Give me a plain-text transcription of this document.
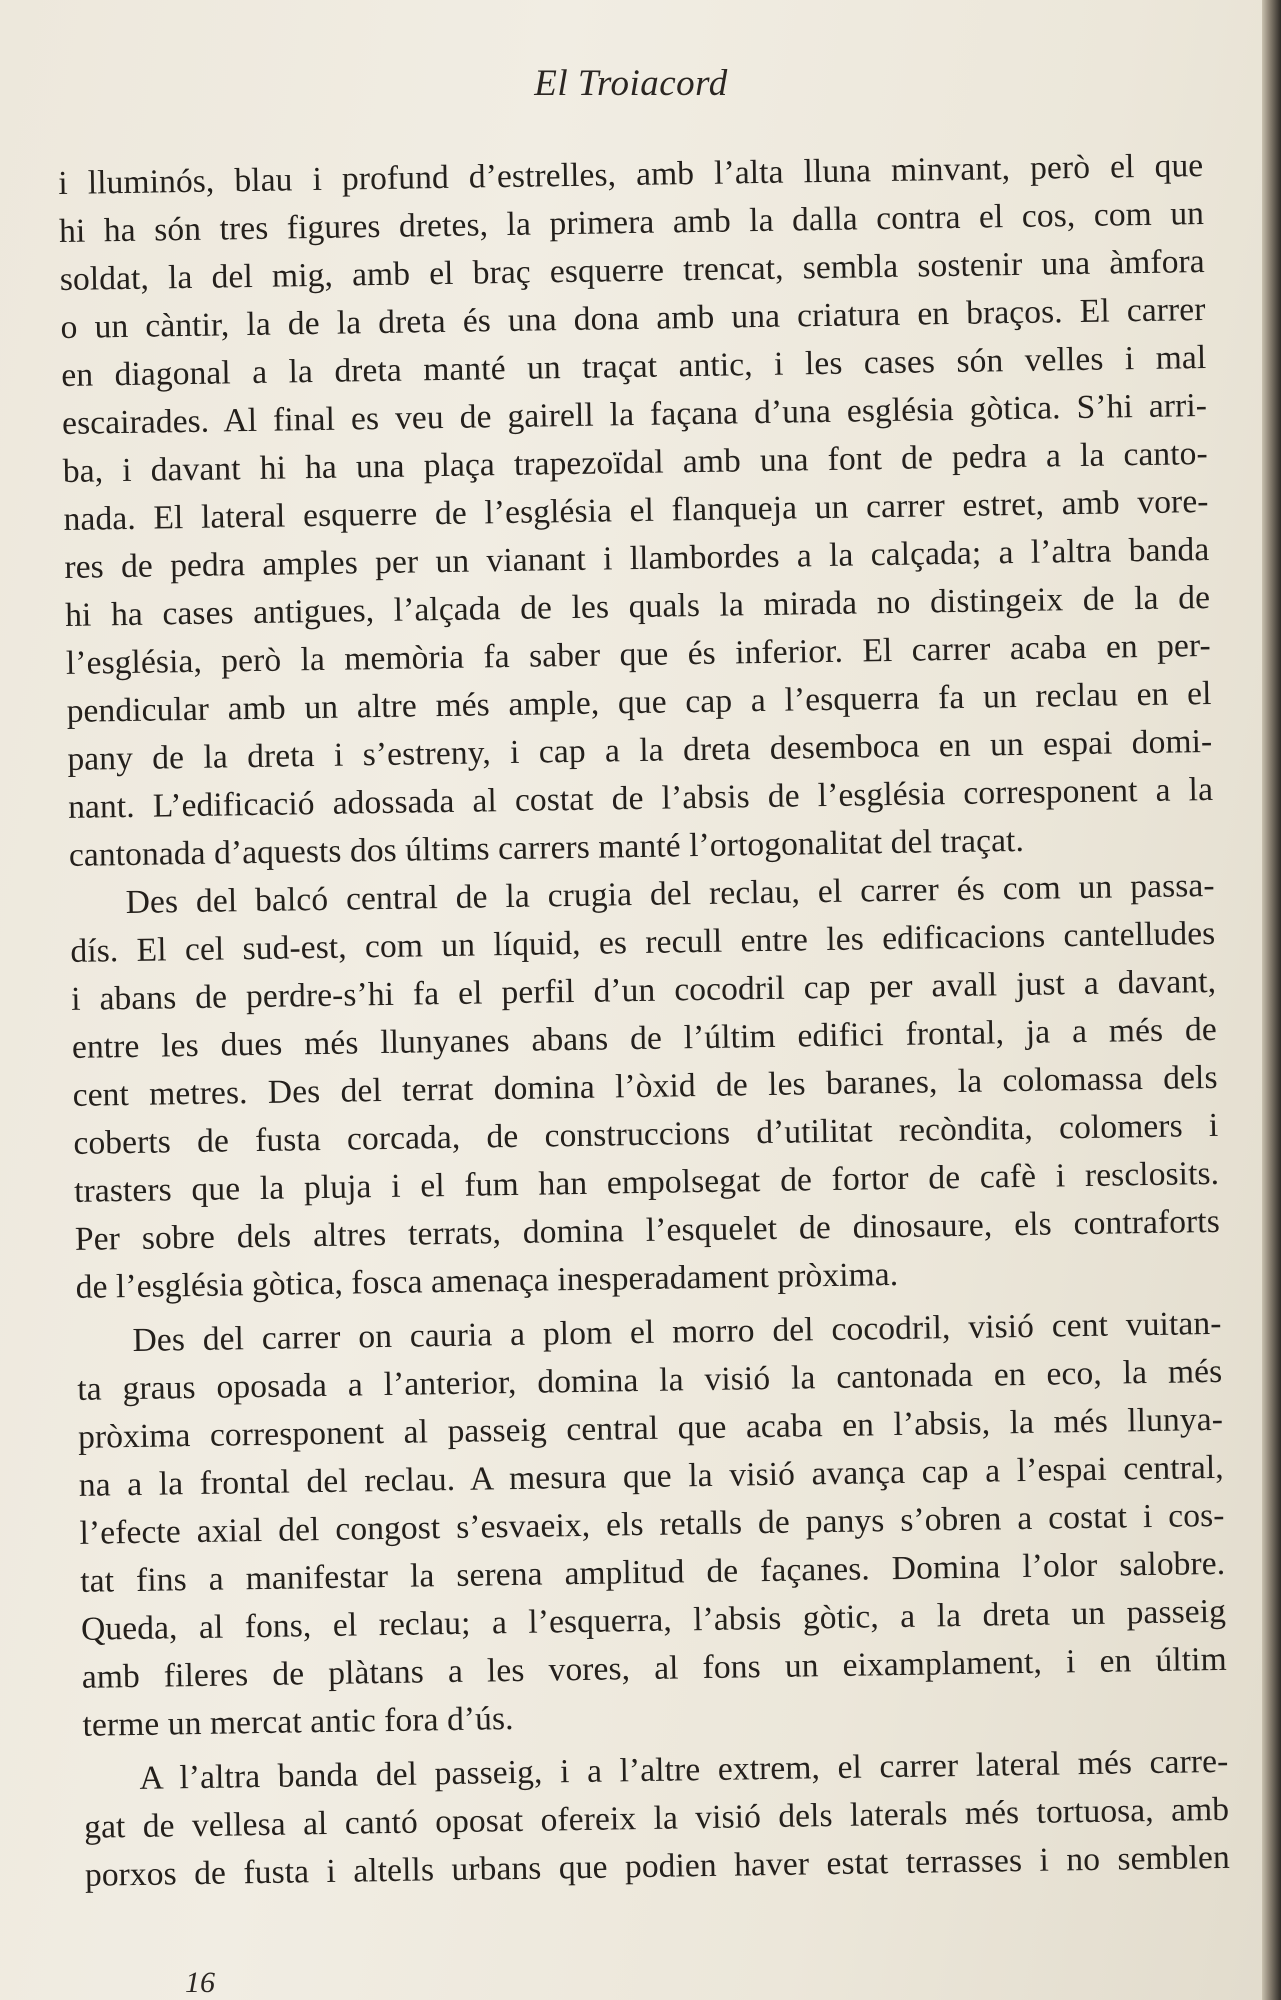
El Troiacord
i lluminós, blau i profund d’estrelles, amb l’alta lluna minvant, però el que
hi ha són tres figures dretes, la primera amb la dalla contra el cos, com un
soldat, la del mig, amb el braç esquerre trencat, sembla sostenir una àmfora
o un càntir, la de la dreta és una dona amb una criatura en braços. El carrer
en diagonal a la dreta manté un traçat antic, i les cases són velles i mal
escairades. Al final es veu de gairell la façana d’una església gòtica. S’hi arri-
ba, i davant hi ha una plaça trapezoïdal amb una font de pedra a la canto-
nada. El lateral esquerre de l’església el flanqueja un carrer estret, amb vore-
res de pedra amples per un vianant i llambordes a la calçada; a l’altra banda
hi ha cases antigues, l’alçada de les quals la mirada no distingeix de la de
l’església, però la memòria fa saber que és inferior. El carrer acaba en per-
pendicular amb un altre més ample, que cap a l’esquerra fa un reclau en el
pany de la dreta i s’estreny, i cap a la dreta desemboca en un espai domi-
nant. L’edificació adossada al costat de l’absis de l’església corresponent a la
cantonada d’aquests dos últims carrers manté l’ortogonalitat del traçat.
Des del balcó central de la crugia del reclau, el carrer és com un passa-
dís. El cel sud-est, com un líquid, es recull entre les edificacions cantelludes
i abans de perdre-s’hi fa el perfil d’un cocodril cap per avall just a davant,
entre les dues més llunyanes abans de l’últim edifici frontal, ja a més de
cent metres. Des del terrat domina l’òxid de les baranes, la colomassa dels
coberts de fusta corcada, de construccions d’utilitat recòndita, colomers i
trasters que la pluja i el fum han empolsegat de fortor de cafè i resclosits.
Per sobre dels altres terrats, domina l’esquelet de dinosaure, els contraforts
de l’església gòtica, fosca amenaça inesperadament pròxima.
Des del carrer on cauria a plom el morro del cocodril, visió cent vuitan-
ta graus oposada a l’anterior, domina la visió la cantonada en eco, la més
pròxima corresponent al passeig central que acaba en l’absis, la més llunya-
na a la frontal del reclau. A mesura que la visió avança cap a l’espai central,
l’efecte axial del congost s’esvaeix, els retalls de panys s’obren a costat i cos-
tat fins a manifestar la serena amplitud de façanes. Domina l’olor salobre.
Queda, al fons, el reclau; a l’esquerra, l’absis gòtic, a la dreta un passeig
amb fileres de plàtans a les vores, al fons un eixamplament, i en últim
terme un mercat antic fora d’ús.
A l’altra banda del passeig, i a l’altre extrem, el carrer lateral més carre-
gat de vellesa al cantó oposat ofereix la visió dels laterals més tortuosa, amb
porxos de fusta i altells urbans que podien haver estat terrasses i no semblen
16
